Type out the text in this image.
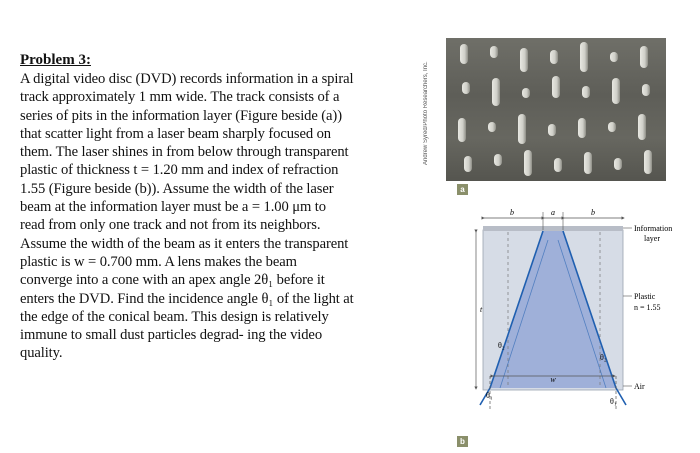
Problem 3:

A digital video disc (DVD) records information in a spiral
track approximately 1 mm wide. The track consists of a
series of pits in the information layer (Figure beside (a))
that scatter light from a laser beam sharply focused on
them. The laser shines in from below through transparent
plastic of thickness t = 1.20 mm and index of refraction
1.55 (Figure beside (b)). Assume the width of the laser
beam at the information layer must be a = 1.00 μm to
read from only one track and not from its neighbors.
Assume the width of the beam as it enters the transparent
plastic is w = 0.700 mm. A lens makes the beam
converge into a cone with an apex angle 2θ₁ before it
enters the DVD. Find the incidence angle θ₁ of the light at
the edge of the conical beam. This design is relatively
immune to small dust particles degrad- ing the video
quality.

Andrew Syred/Photo Researchers, Inc.
a
b	a	b
t
w
θ₂
θ₂
θ₁
θ₁
Information
layer
Plastic
n = 1.55
Air
b
